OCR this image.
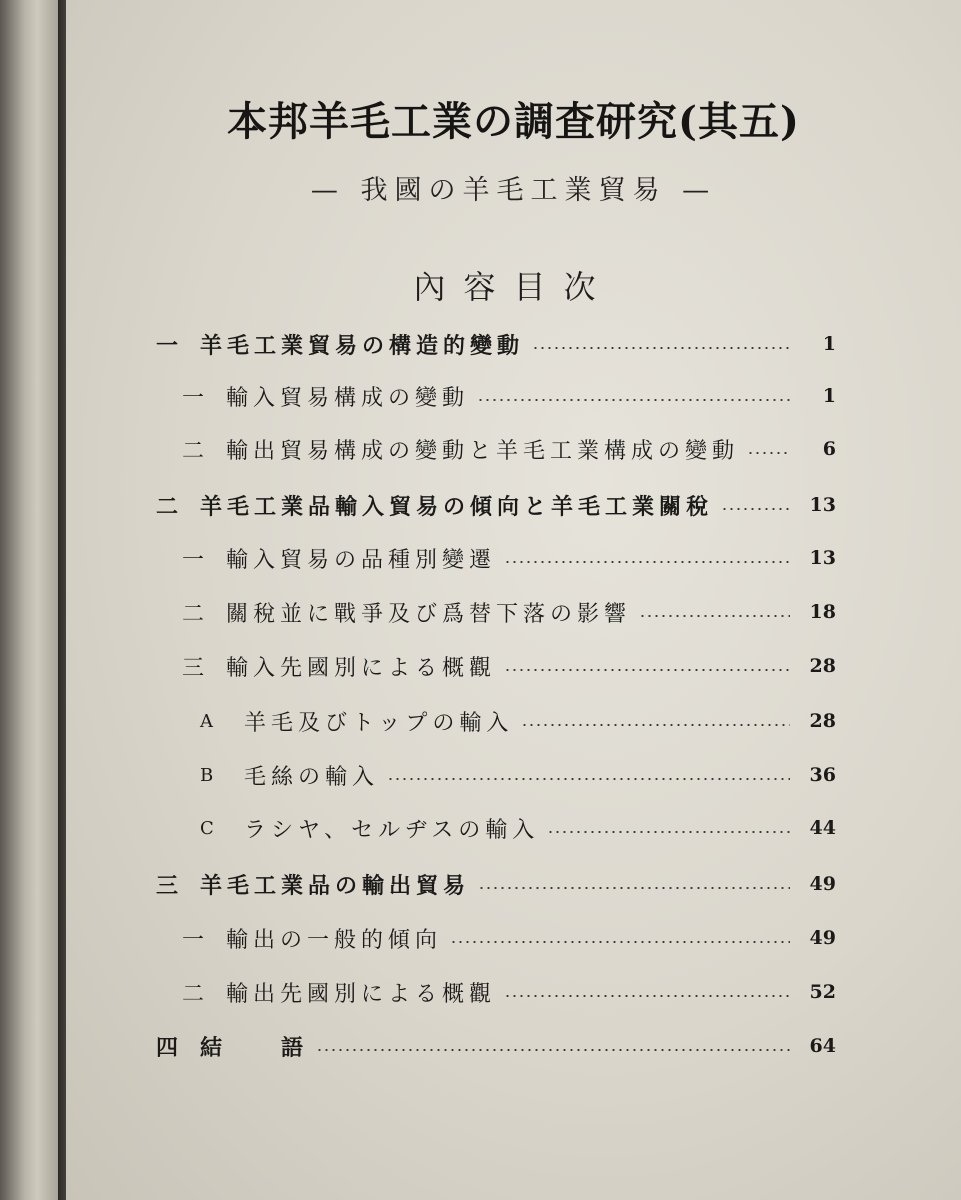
本邦羊毛工業の調査研究(其五)
— 我國の羊毛工業貿易 —
內容目次
一 羊毛工業貿易の構造的變動	1
一 輸入貿易構成の變動	1
二 輸出貿易構成の變動と羊毛工業構成の變動	6
二 羊毛工業品輸入貿易の傾向と羊毛工業關稅	13
一 輸入貿易の品種別變遷	13
二 關稅並に戰爭及び爲替下落の影響	18
三 輸入先國別による概觀	28
A	羊毛及びトップの輸入	28
B	毛絲の輸入	36
C	ラシヤ、セルヂスの輸入	44
三 羊毛工業品の輸出貿易	49
一 輸出の一般的傾向	49
二 輸出先國別による概觀	52
四 結　　語	64
